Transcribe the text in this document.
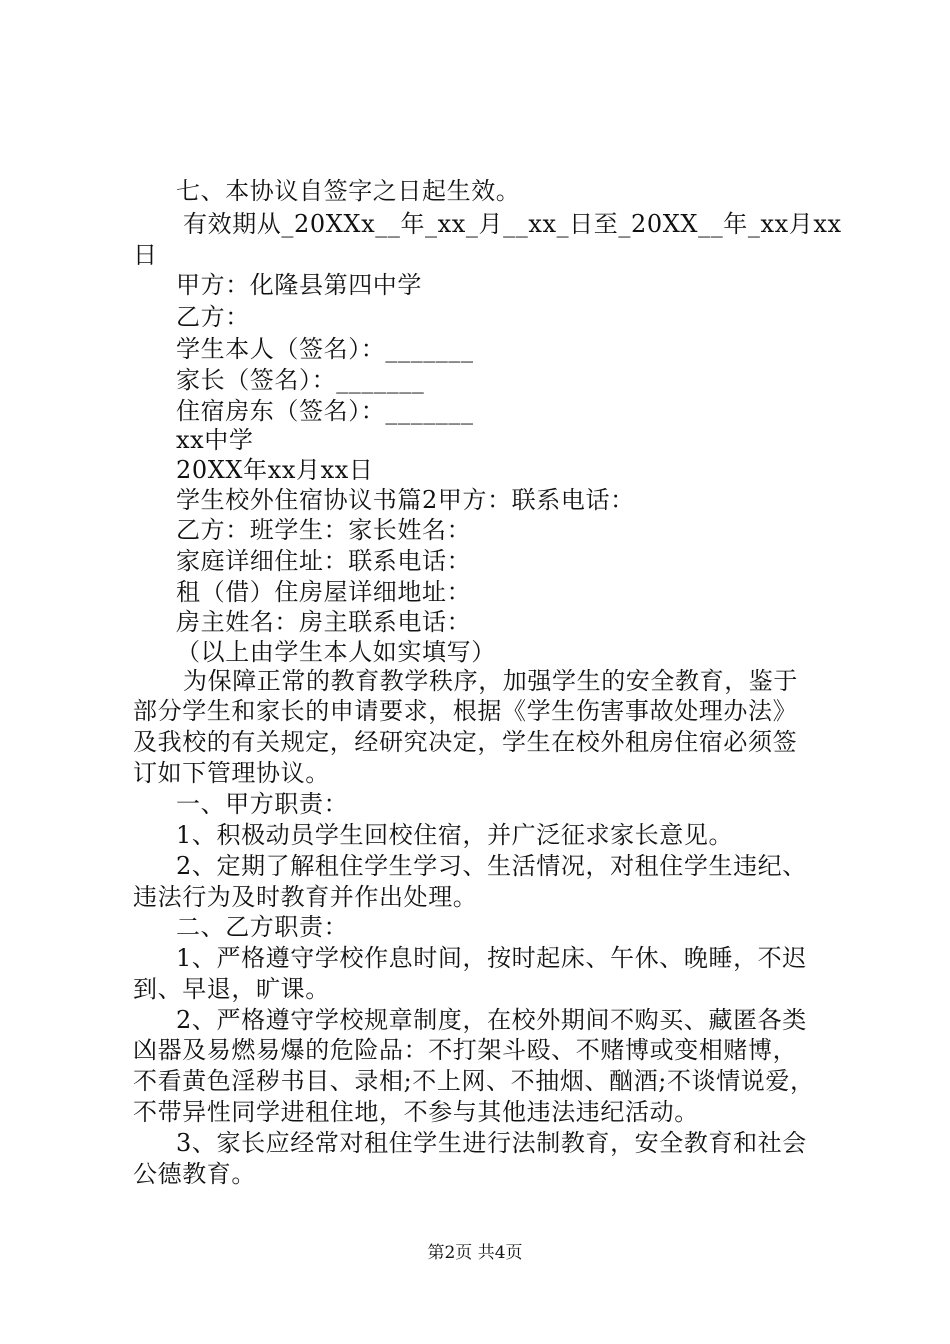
七、本协议自签字之日起生效。
有效期从_20XXx__年_xx_月__xx_日至_20XX__年_xx月xx
日
甲方：化隆县第四中学
乙方：
学生本人（签名）：_______
家长（签名）：_______
住宿房东（签名）：_______
xx中学
20XX年xx月xx日
学生校外住宿协议书篇2甲方：联系电话：
乙方：班学生：家长姓名：
家庭详细住址：联系电话：
租（借）住房屋详细地址：
房主姓名：房主联系电话：
（以上由学生本人如实填写）
为保障正常的教育教学秩序，加强学生的安全教育，鉴于
部分学生和家长的申请要求，根据《学生伤害事故处理办法》
及我校的有关规定，经研究决定，学生在校外租房住宿必须签
订如下管理协议。
一、甲方职责：
1、积极动员学生回校住宿，并广泛征求家长意见。
2、定期了解租住学生学习、生活情况，对租住学生违纪、
违法行为及时教育并作出处理。
二、乙方职责：
1、严格遵守学校作息时间，按时起床、午休、晚睡，不迟
到、早退，旷课。
2、严格遵守学校规章制度，在校外期间不购买、藏匿各类
凶器及易燃易爆的危险品：不打架斗殴、不赌博或变相赌博，
不看黄色淫秽书目、录相;不上网、不抽烟、酗酒;不谈情说爱，
不带异性同学进租住地，不参与其他违法违纪活动。
3、家长应经常对租住学生进行法制教育，安全教育和社会
公德教育。
第2页 共4页
